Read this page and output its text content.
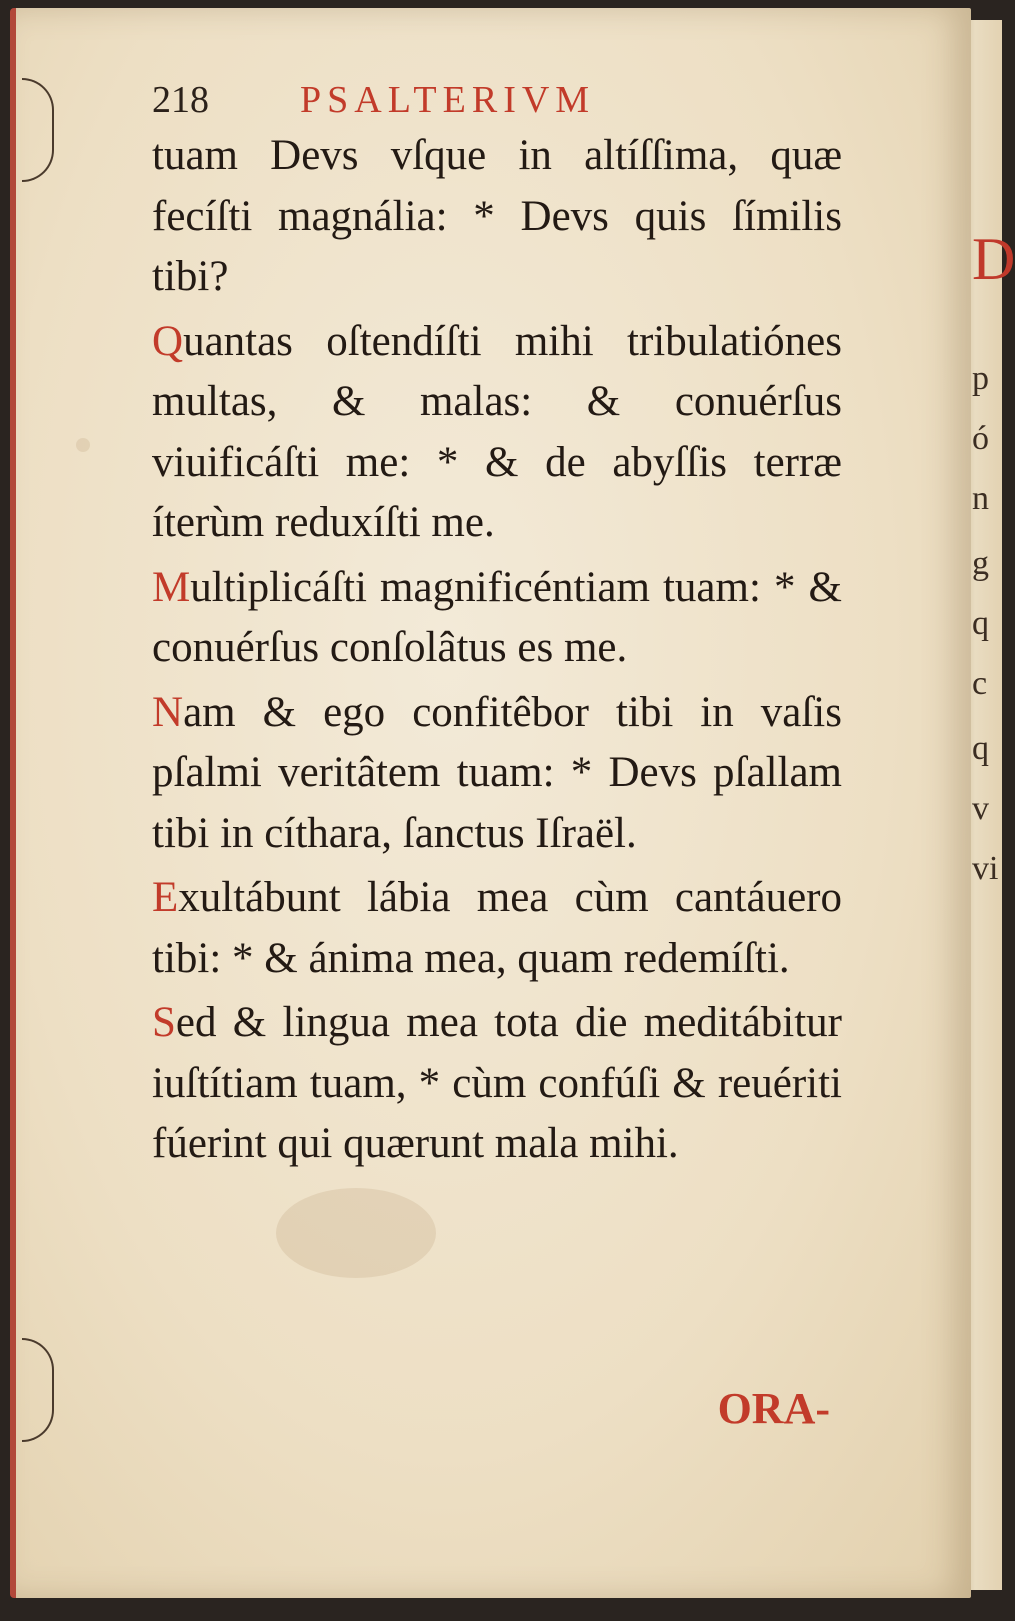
D
p
ó
n
g
q
c
q
v
vi
218 PSALTERIVM

tuam Devs vſque in altíſſima, quæ fecíſti magnália: * Devs quis ſímilis tibi?

Quantas oſtendíſti mihi tribulatiónes multas, & malas: & conuérſus viuificáſti me: * & de abyſſis terræ íterùm reduxíſti me.

Multiplicáſti magnificéntiam tuam: * & conuérſus conſolâtus es me.

Nam & ego confitêbor tibi in vaſis pſalmi veritâtem tuam: * Devs pſallam tibi in cíthara, ſanctus Iſraël.

Exultábunt lábia mea cùm cantáuero tibi: * & ánima mea, quam redemíſti.

Sed & lingua mea tota die meditábitur iuſtítiam tuam, * cùm confúſi & reuériti fúerint qui quærunt mala mihi.

ORA-
